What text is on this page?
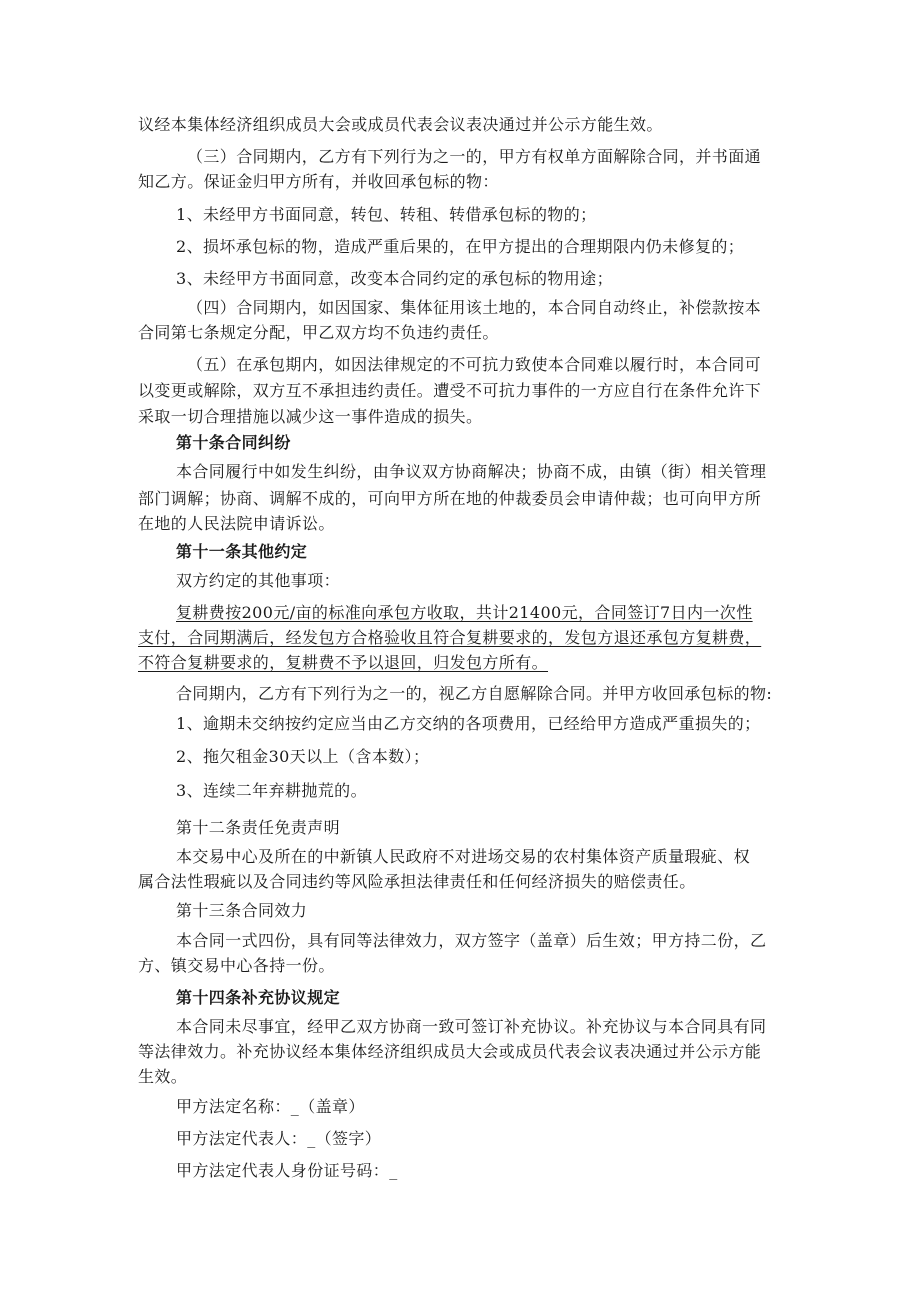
议经本集体经济组织成员大会或成员代表会议表决通过并公示方能生效。
（三）合同期内，乙方有下列行为之一的，甲方有权单方面解除合同，并书面通
知乙方。保证金归甲方所有，并收回承包标的物：
1、未经甲方书面同意，转包、转租、转借承包标的物的；
2、损坏承包标的物，造成严重后果的，在甲方提出的合理期限内仍未修复的；
3、未经甲方书面同意，改变本合同约定的承包标的物用途；
（四）合同期内，如因国家、集体征用该土地的，本合同自动终止，补偿款按本
合同第七条规定分配，甲乙双方均不负违约责任。
（五）在承包期内，如因法律规定的不可抗力致使本合同难以履行时，本合同可
以变更或解除，双方互不承担违约责任。遭受不可抗力事件的一方应自行在条件允许下
采取一切合理措施以减少这一事件造成的损失。
第十条合同纠纷
本合同履行中如发生纠纷，由争议双方协商解决；协商不成，由镇（街）相关管理
部门调解；协商、调解不成的，可向甲方所在地的仲裁委员会申请仲裁；也可向甲方所
在地的人民法院申请诉讼。
第十一条其他约定
双方约定的其他事项：
复耕费按200元/亩的标准向承包方收取，共计21400元，合同签订7日内一次性
支付，合同期满后，经发包方合格验收且符合复耕要求的，发包方退还承包方复耕费，
不符合复耕要求的，复耕费不予以退回，归发包方所有。
合同期内，乙方有下列行为之一的，视乙方自愿解除合同。并甲方收回承包标的物:
1、逾期未交纳按约定应当由乙方交纳的各项费用，已经给甲方造成严重损失的；
2、拖欠租金30天以上（含本数）；
3、连续二年弃耕抛荒的。
第十二条责任免责声明
本交易中心及所在的中新镇人民政府不对进场交易的农村集体资产质量瑕疵、权
属合法性瑕疵以及合同违约等风险承担法律责任和任何经济损失的赔偿责任。
第十三条合同效力
本合同一式四份，具有同等法律效力，双方签字（盖章）后生效；甲方持二份，乙
方、镇交易中心各持一份。
第十四条补充协议规定
本合同未尽事宜，经甲乙双方协商一致可签订补充协议。补充协议与本合同具有同
等法律效力。补充协议经本集体经济组织成员大会或成员代表会议表决通过并公示方能
生效。
甲方法定名称：_（盖章）
甲方法定代表人：_（签字）
甲方法定代表人身份证号码：_
